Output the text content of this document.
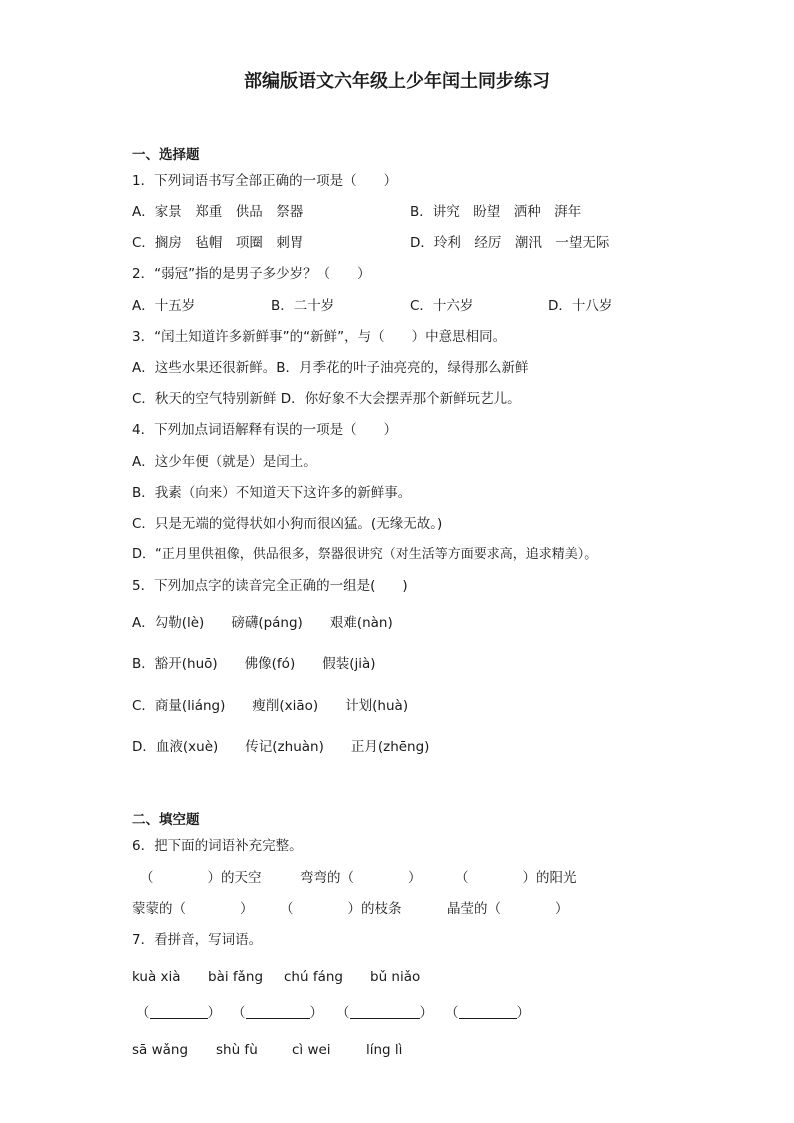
部编版语文六年级上少年闰土同步练习
一、选择题
1．下列词语书写全部正确的一项是（　　）
A．家景　郑重　供品　祭器	B．讲究　盼望　洒种　湃年
C．搁房　毡帽　项圈　刺胃	D．玲利　经厉　潮汛　一望无际
2．“弱冠”指的是男子多少岁？（　　）
A．十五岁	B．二十岁	C．十六岁	D．十八岁
3．“闰土知道许多新鲜事”的“新鲜”，与（　　）中意思相同。
A．这些水果还很新鲜。B．月季花的叶子油亮亮的，绿得那么新鲜
C．秋天的空气特别新鲜 D．你好象不大会摆弄那个新鲜玩艺儿。
4．下列加点词语解释有误的一项是（　　）
A．这少年便（就是）是闰土。
B．我素（向来）不知道天下这许多的新鲜事。
C．只是无端的觉得状如小狗而很凶猛。(无缘无故。)
D．“正月里供祖像，供品很多，祭器很讲究（对生活等方面要求高，追求精美）。
5．下列加点字的读音完全正确的一组是(　　)
A．勾勒(lè)　　磅礴(páng)　　艰难(nàn)
B．豁开(huō)　　佛像(fó)　　假装(jià)
C．商量(liáng)　　瘦削(xiāo)　　计划(huà)
D．血液(xuè)　　传记(zhuàn)　　正月(zhēng)
二、填空题
6．把下面的词语补充完整。
（　　　　）的天空	弯弯的（　　　　） （　　　　）的阳光
蒙蒙的（　　　　） （　　　　）的枝条	晶莹的（　　　　）
7．看拼音，写词语。
kuà xià bài fǎng chú fáng bǔ niǎo
（	） （	） （	） （	）
sā wǎng shù fù	cì wei	líng lì
